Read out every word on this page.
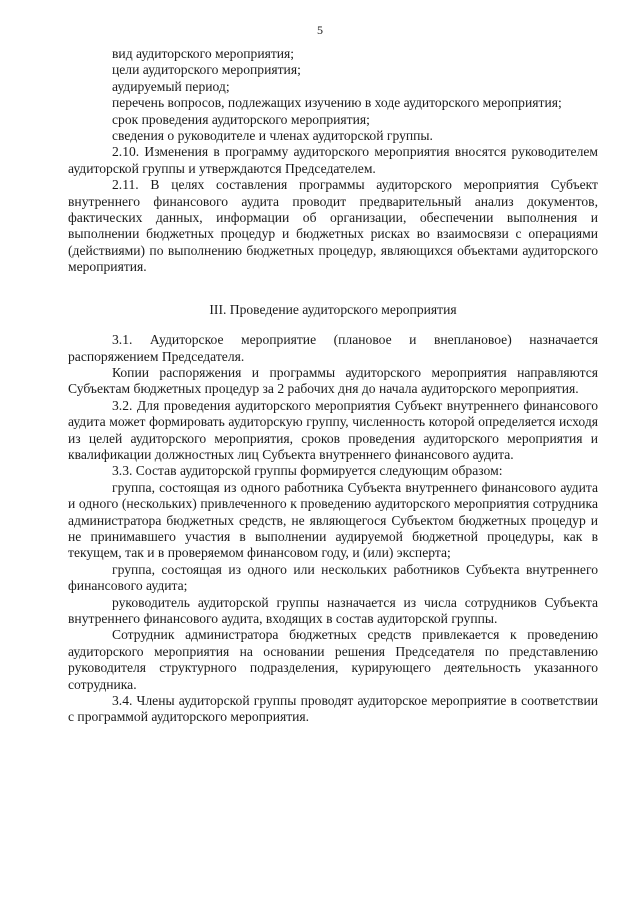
5

вид аудиторского мероприятия;

цели аудиторского мероприятия;

аудируемый период;

перечень вопросов, подлежащих изучению в ходе аудиторского мероприятия;

срок проведения аудиторского мероприятия;

сведения о руководителе и членах аудиторской группы.

2.10. Изменения в программу аудиторского мероприятия вносятся руководителем аудиторской группы и утверждаются Председателем.

2.11. В целях составления программы аудиторского мероприятия Субъект внутреннего финансового аудита проводит предварительный анализ документов, фактических данных, информации об организации, обеспечении выполнения и выполнении бюджетных процедур и бюджетных рисках во взаимосвязи с операциями (действиями) по выполнению бюджетных процедур, являющихся объектами аудиторского мероприятия.

III. Проведение аудиторского мероприятия

3.1. Аудиторское мероприятие (плановое и внеплановое) назначается распоряжением Председателя.

Копии распоряжения и программы аудиторского мероприятия направляются Субъектам бюджетных процедур за 2 рабочих дня до начала аудиторского мероприятия.

3.2. Для проведения аудиторского мероприятия Субъект внутреннего финансового аудита может формировать аудиторскую группу, численность которой определяется исходя из целей аудиторского мероприятия, сроков проведения аудиторского мероприятия и квалификации должностных лиц Субъекта внутреннего финансового аудита.

3.3. Состав аудиторской группы формируется следующим образом:

группа, состоящая из одного работника Субъекта внутреннего финансового аудита и одного (нескольких) привлеченного к проведению аудиторского мероприятия сотрудника администратора бюджетных средств, не являющегося Субъектом бюджетных процедур и не принимавшего участия в выполнении аудируемой бюджетной процедуры, как в текущем, так и в проверяемом финансовом году, и (или) эксперта;

группа, состоящая из одного или нескольких работников Субъекта внутреннего финансового аудита;

руководитель аудиторской группы назначается из числа сотрудников Субъекта внутреннего финансового аудита, входящих в состав аудиторской группы.

Сотрудник администратора бюджетных средств привлекается к проведению аудиторского мероприятия на основании решения Председателя по представлению руководителя структурного подразделения, курирующего деятельность указанного сотрудника.

3.4. Члены аудиторской группы проводят аудиторское мероприятие в соответствии с программой аудиторского мероприятия.
